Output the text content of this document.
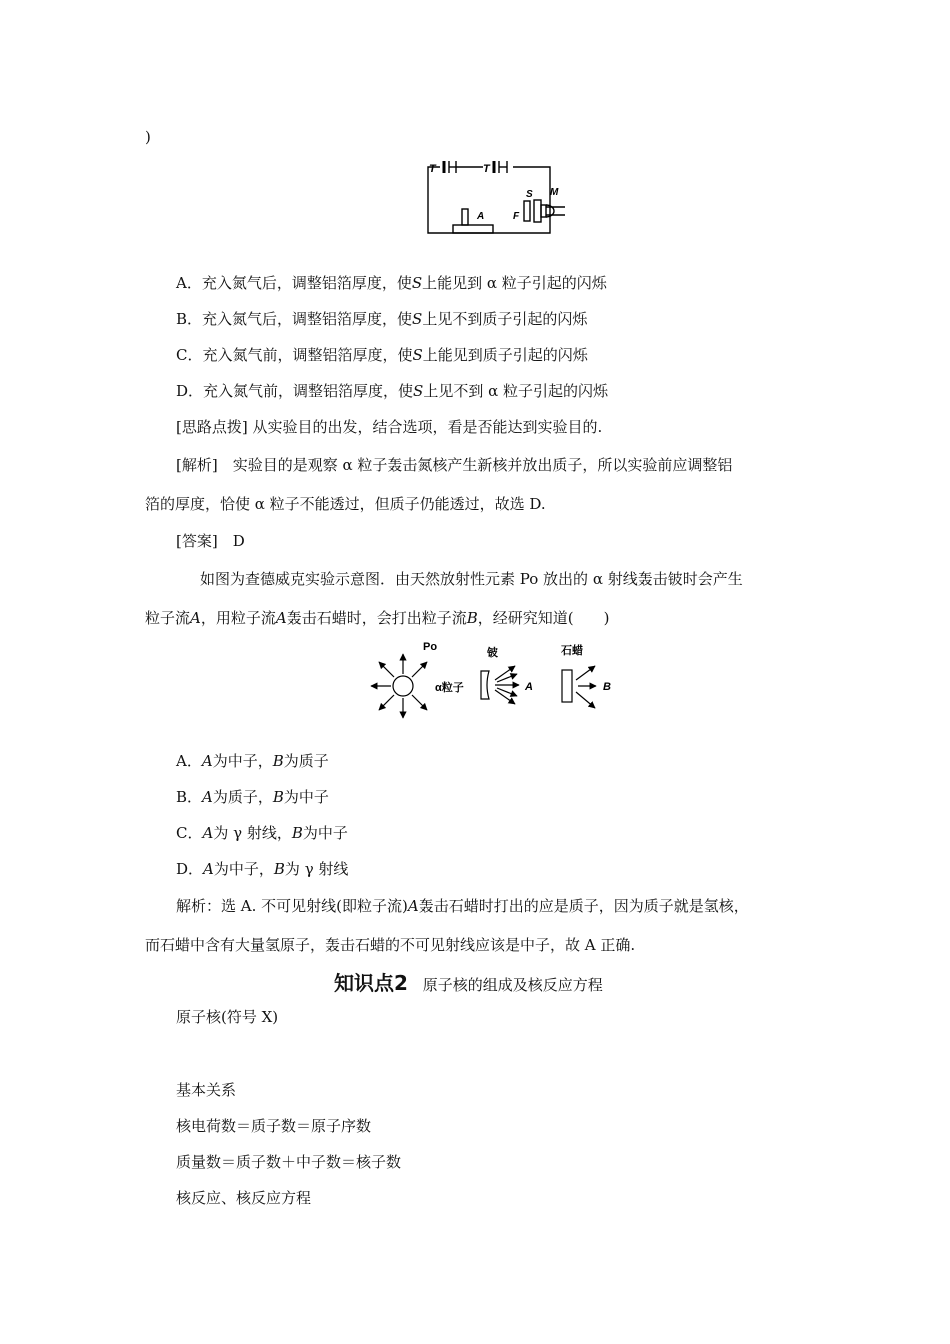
)
T	T
A	F
S M
A．充入氮气后，调整铝箔厚度，使S上能见到 α 粒子引起的闪烁
B．充入氮气后，调整铝箔厚度，使S上见不到质子引起的闪烁
C．充入氮气前，调整铝箔厚度，使S上能见到质子引起的闪烁
D．充入氮气前，调整铝箔厚度，使S上见不到 α 粒子引起的闪烁
[思路点拨] 从实验目的出发，结合选项，看是否能达到实验目的.
[解析]　实验目的是观察 α 粒子轰击氮核产生新核并放出质子，所以实验前应调整铝
箔的厚度，恰使 α 粒子不能透过，但质子仍能透过，故选 D.
[答案]　D
如图为查德威克实验示意图．由天然放射性元素 Po 放出的 α 射线轰击铍时会产生
粒子流A，用粒子流A轰击石蜡时，会打出粒子流B，经研究知道(　　)
Po
α粒子
铍
A
石蜡
B
A．A为中子，B为质子
B．A为质子，B为中子
C．A为 γ 射线，B为中子
D．A为中子，B为 γ 射线
解析：选 A. 不可见射线(即粒子流)A轰击石蜡时打出的应是质子，因为质子就是氢核，
而石蜡中含有大量氢原子，轰击石蜡的不可见射线应该是中子，故 A 正确.
知识点2 原子核的组成及核反应方程
原子核(符号 X)
基本关系
核电荷数＝质子数＝原子序数
质量数＝质子数＋中子数＝核子数
核反应、核反应方程
